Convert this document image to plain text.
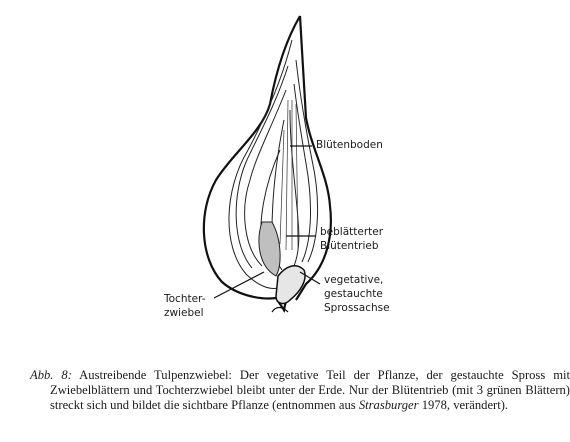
Blütenboden
beblätterter
Blütentrieb
vegetative,
gestauchte
Sprossachse
Tochter-
zwiebel
Abb. 8: Austreibende Tulpenzwiebel: Der vegetative Teil der Pflanze, der gestauchte Spross mit Zwiebelblättern und Tochterzwiebel bleibt unter der Erde. Nur der Blütentrieb (mit 3 grünen Blättern) streckt sich und bildet die sichtbare Pflanze (entnommen aus Strasburger 1978, verändert).
